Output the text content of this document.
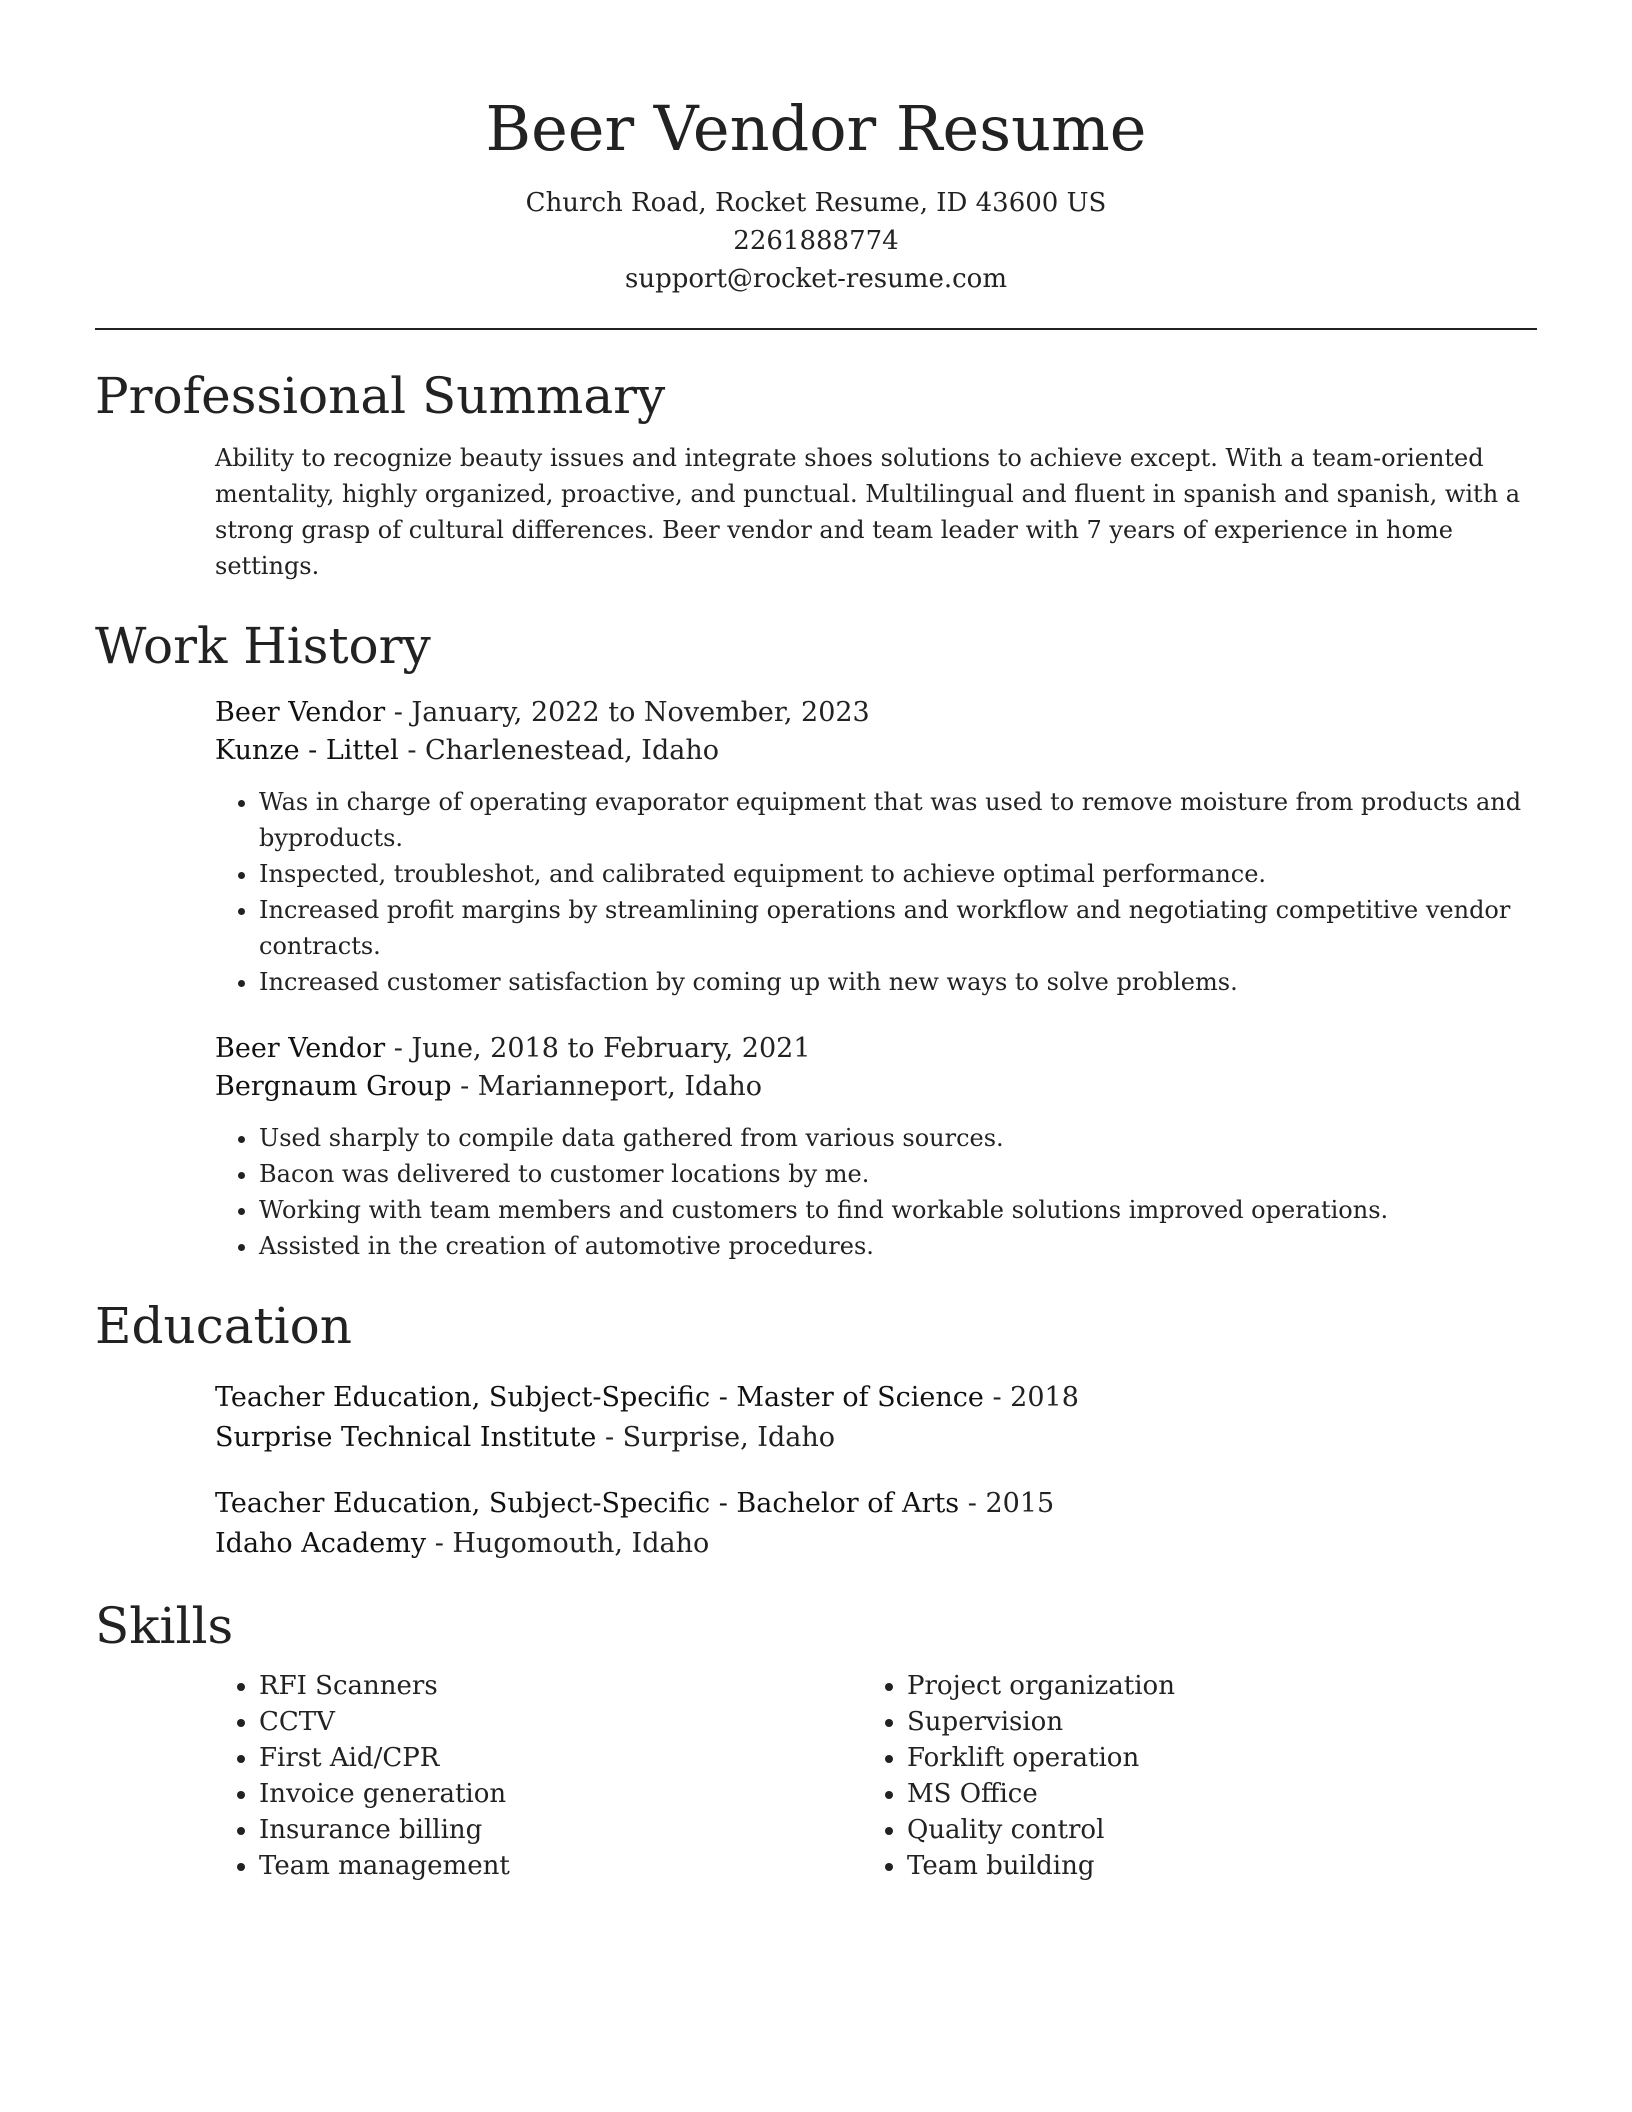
Beer Vendor Resume
Church Road, Rocket Resume, ID 43600 US
2261888774
support@rocket-resume.com
Professional Summary
Ability to recognize beauty issues and integrate shoes solutions to achieve except. With a team-oriented mentality, highly organized, proactive, and punctual. Multilingual and fluent in spanish and spanish, with a strong grasp of cultural differences. Beer vendor and team leader with 7 years of experience in home settings.
Work History
Beer Vendor - January, 2022 to November, 2023
Kunze - Littel - Charlenestead, Idaho
• Was in charge of operating evaporator equipment that was used to remove moisture from products and byproducts.
• Inspected, troubleshot, and calibrated equipment to achieve optimal performance.
• Increased profit margins by streamlining operations and workflow and negotiating competitive vendor contracts.
• Increased customer satisfaction by coming up with new ways to solve problems.
Beer Vendor - June, 2018 to February, 2021
Bergnaum Group - Marianneport, Idaho
• Used sharply to compile data gathered from various sources.
• Bacon was delivered to customer locations by me.
• Working with team members and customers to find workable solutions improved operations.
• Assisted in the creation of automotive procedures.
Education
Teacher Education, Subject-Specific - Master of Science - 2018
Surprise Technical Institute - Surprise, Idaho
Teacher Education, Subject-Specific - Bachelor of Arts - 2015
Idaho Academy - Hugomouth, Idaho
Skills
• RFI Scanners
• CCTV
• First Aid/CPR
• Invoice generation
• Insurance billing
• Team management
• Project organization
• Supervision
• Forklift operation
• MS Office
• Quality control
• Team building
